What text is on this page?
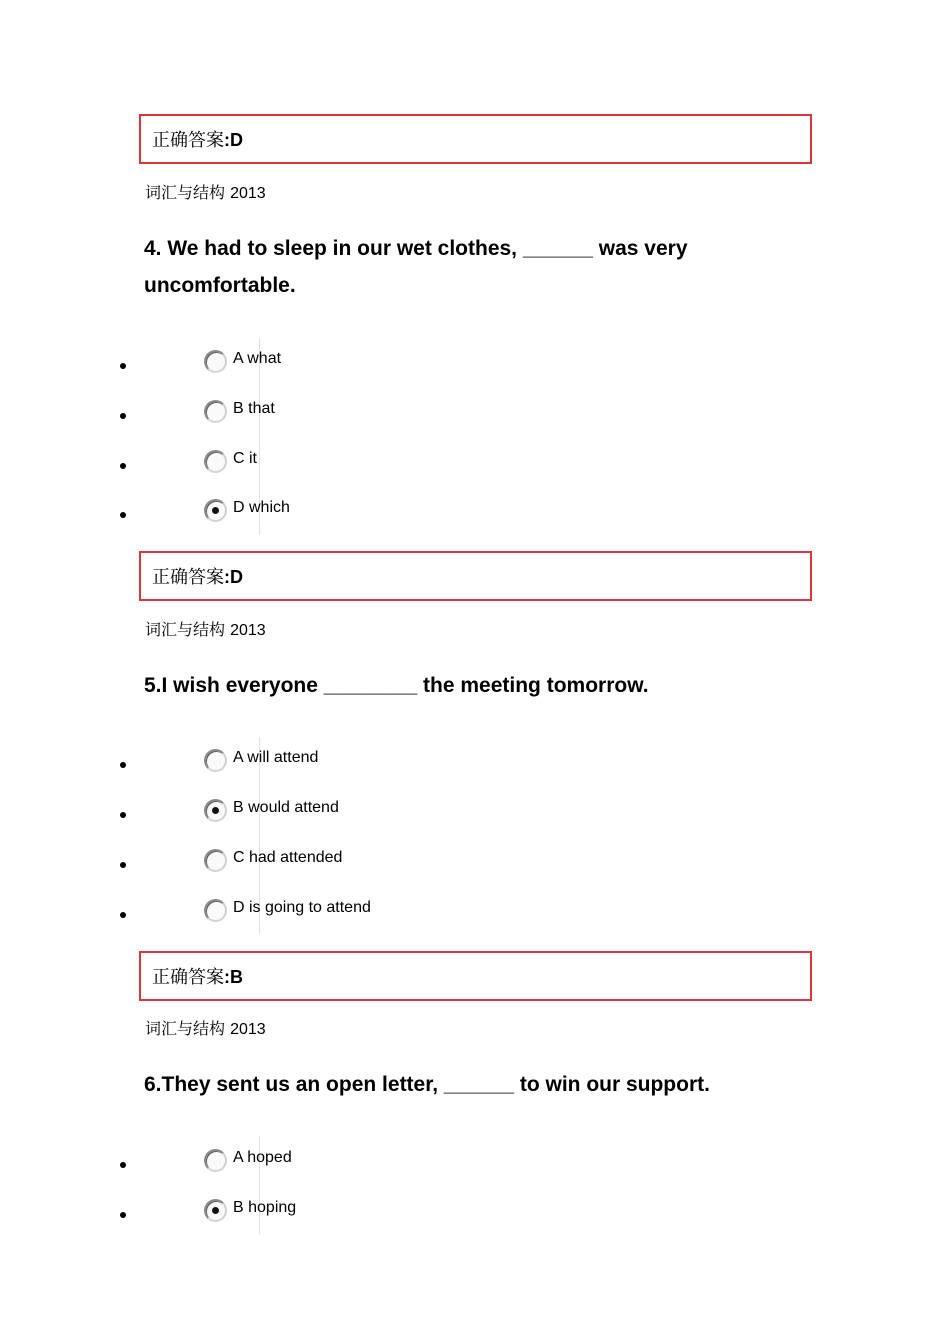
正确答案:D
词汇与结构 2013
4. We had to sleep in our wet clothes, ______ was very uncomfortable.
A what
B that
C it
D which
正确答案:D
词汇与结构 2013
5.I wish everyone ________ the meeting tomorrow.
A will attend
B would attend
C had attended
D is going to attend
正确答案:B
词汇与结构 2013
6.They sent us an open letter, ______ to win our support.
A hoped
B hoping
